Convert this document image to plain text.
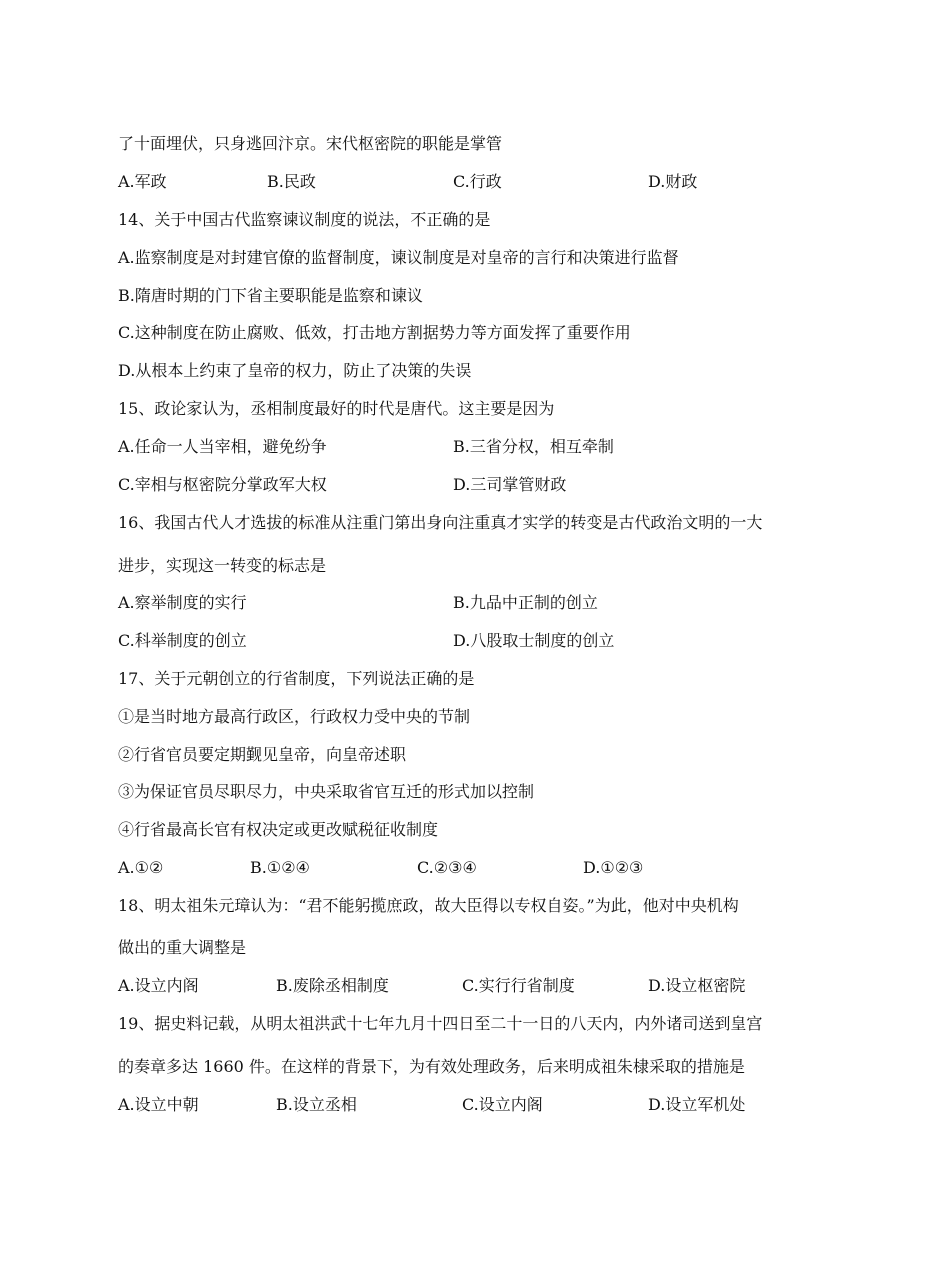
了十面埋伏，只身逃回汴京。宋代枢密院的职能是掌管
A.军政	B.民政	C.行政	D.财政
14、关于中国古代监察谏议制度的说法，不正确的是
A.监察制度是对封建官僚的监督制度，谏议制度是对皇帝的言行和决策进行监督
B.隋唐时期的门下省主要职能是监察和谏议
C.这种制度在防止腐败、低效，打击地方割据势力等方面发挥了重要作用
D.从根本上约束了皇帝的权力，防止了决策的失误
15、政论家认为，丞相制度最好的时代是唐代。这主要是因为
A.任命一人当宰相，避免纷争	B.三省分权，相互牵制
C.宰相与枢密院分掌政军大权	D.三司掌管财政
16、我国古代人才选拔的标准从注重门第出身向注重真才实学的转变是古代政治文明的一大
进步，实现这一转变的标志是
A.察举制度的实行	B.九品中正制的创立
C.科举制度的创立	D.八股取士制度的创立
17、关于元朝创立的行省制度，下列说法正确的是
①是当时地方最高行政区，行政权力受中央的节制
②行省官员要定期觐见皇帝，向皇帝述职
③为保证官员尽职尽力，中央采取省官互迁的形式加以控制
④行省最高长官有权决定或更改赋税征收制度
A.①②	B.①②④	C.②③④	D.①②③
18、明太祖朱元璋认为：“君不能躬揽庶政，故大臣得以专权自姿。”为此，他对中央机构
做出的重大调整是
A.设立内阁	B.废除丞相制度	C.实行行省制度	D.设立枢密院
19、据史料记载，从明太祖洪武十七年九月十四日至二十一日的八天内，内外诸司送到皇宫
的奏章多达 1660 件。在这样的背景下，为有效处理政务，后来明成祖朱棣采取的措施是
A.设立中朝	B.设立丞相	C.设立内阁	D.设立军机处
